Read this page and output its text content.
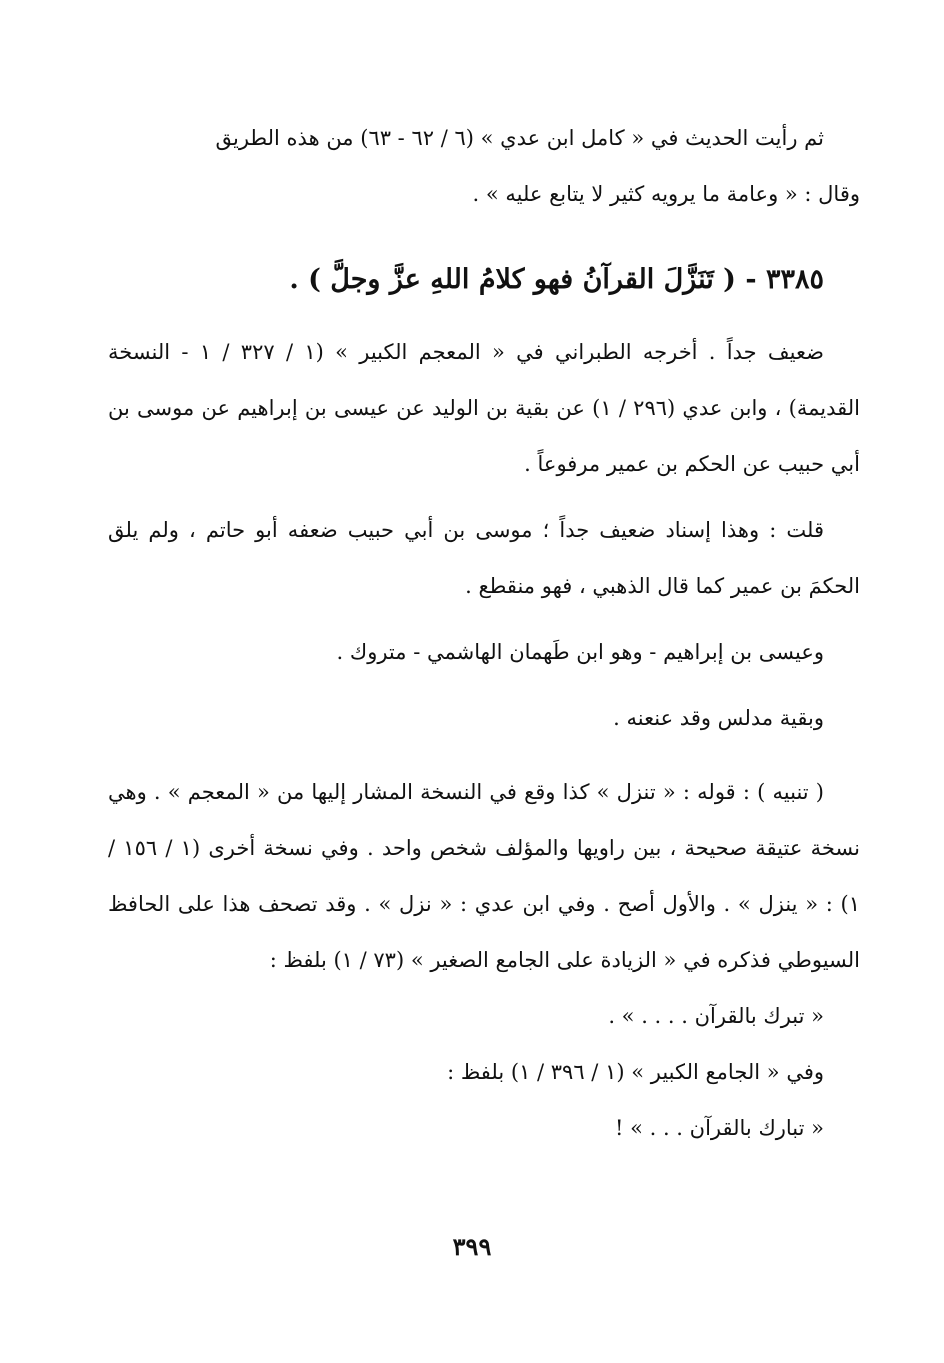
ثم رأيت الحديث في « كامل ابن عدي » (٦ / ٦٢ - ٦٣) من هذه الطريق

وقال : « وعامة ما يرويه كثير لا يتابع عليه » .

٣٣٨٥ - ( تَنَزَّلَ القرآنُ فهو كلامُ اللهِ عزَّ وجلَّ ) .

ضعيف جداً . أخرجه الطبراني في « المعجم الكبير » (١ / ٣٢٧ / ١ - النسخة القديمة) ، وابن عدي (٢٩٦ / ١) عن بقية بن الوليد عن عيسى بن إبراهيم عن موسى بن أبي حبيب عن الحكم بن عمير مرفوعاً .

قلت : وهذا إسناد ضعيف جداً ؛ موسى بن أبي حبيب ضعفه أبو حاتم ، ولم يلق الحكمَ بن عمير كما قال الذهبي ، فهو منقطع .

وعيسى بن إبراهيم - وهو ابن طَهمان الهاشمي - متروك .

وبقية مدلس وقد عنعنه .

( تنبيه ) : قوله : « تنزل » كذا وقع في النسخة المشار إليها من « المعجم » . وهي نسخة عتيقة صحيحة ، بين راويها والمؤلف شخص واحد . وفي نسخة أخرى (١ / ١٥٦ / ١) : « ينزل » . والأول أصح . وفي ابن عدي : « نزل » . وقد تصحف هذا على الحافظ السيوطي فذكره في « الزيادة على الجامع الصغير » (٧٣ / ١) بلفظ :

« تبرك بالقرآن . . . . » .

وفي « الجامع الكبير » (١ / ٣٩٦ / ١) بلفظ :

« تبارك بالقرآن . . . » !

٣٩٩
